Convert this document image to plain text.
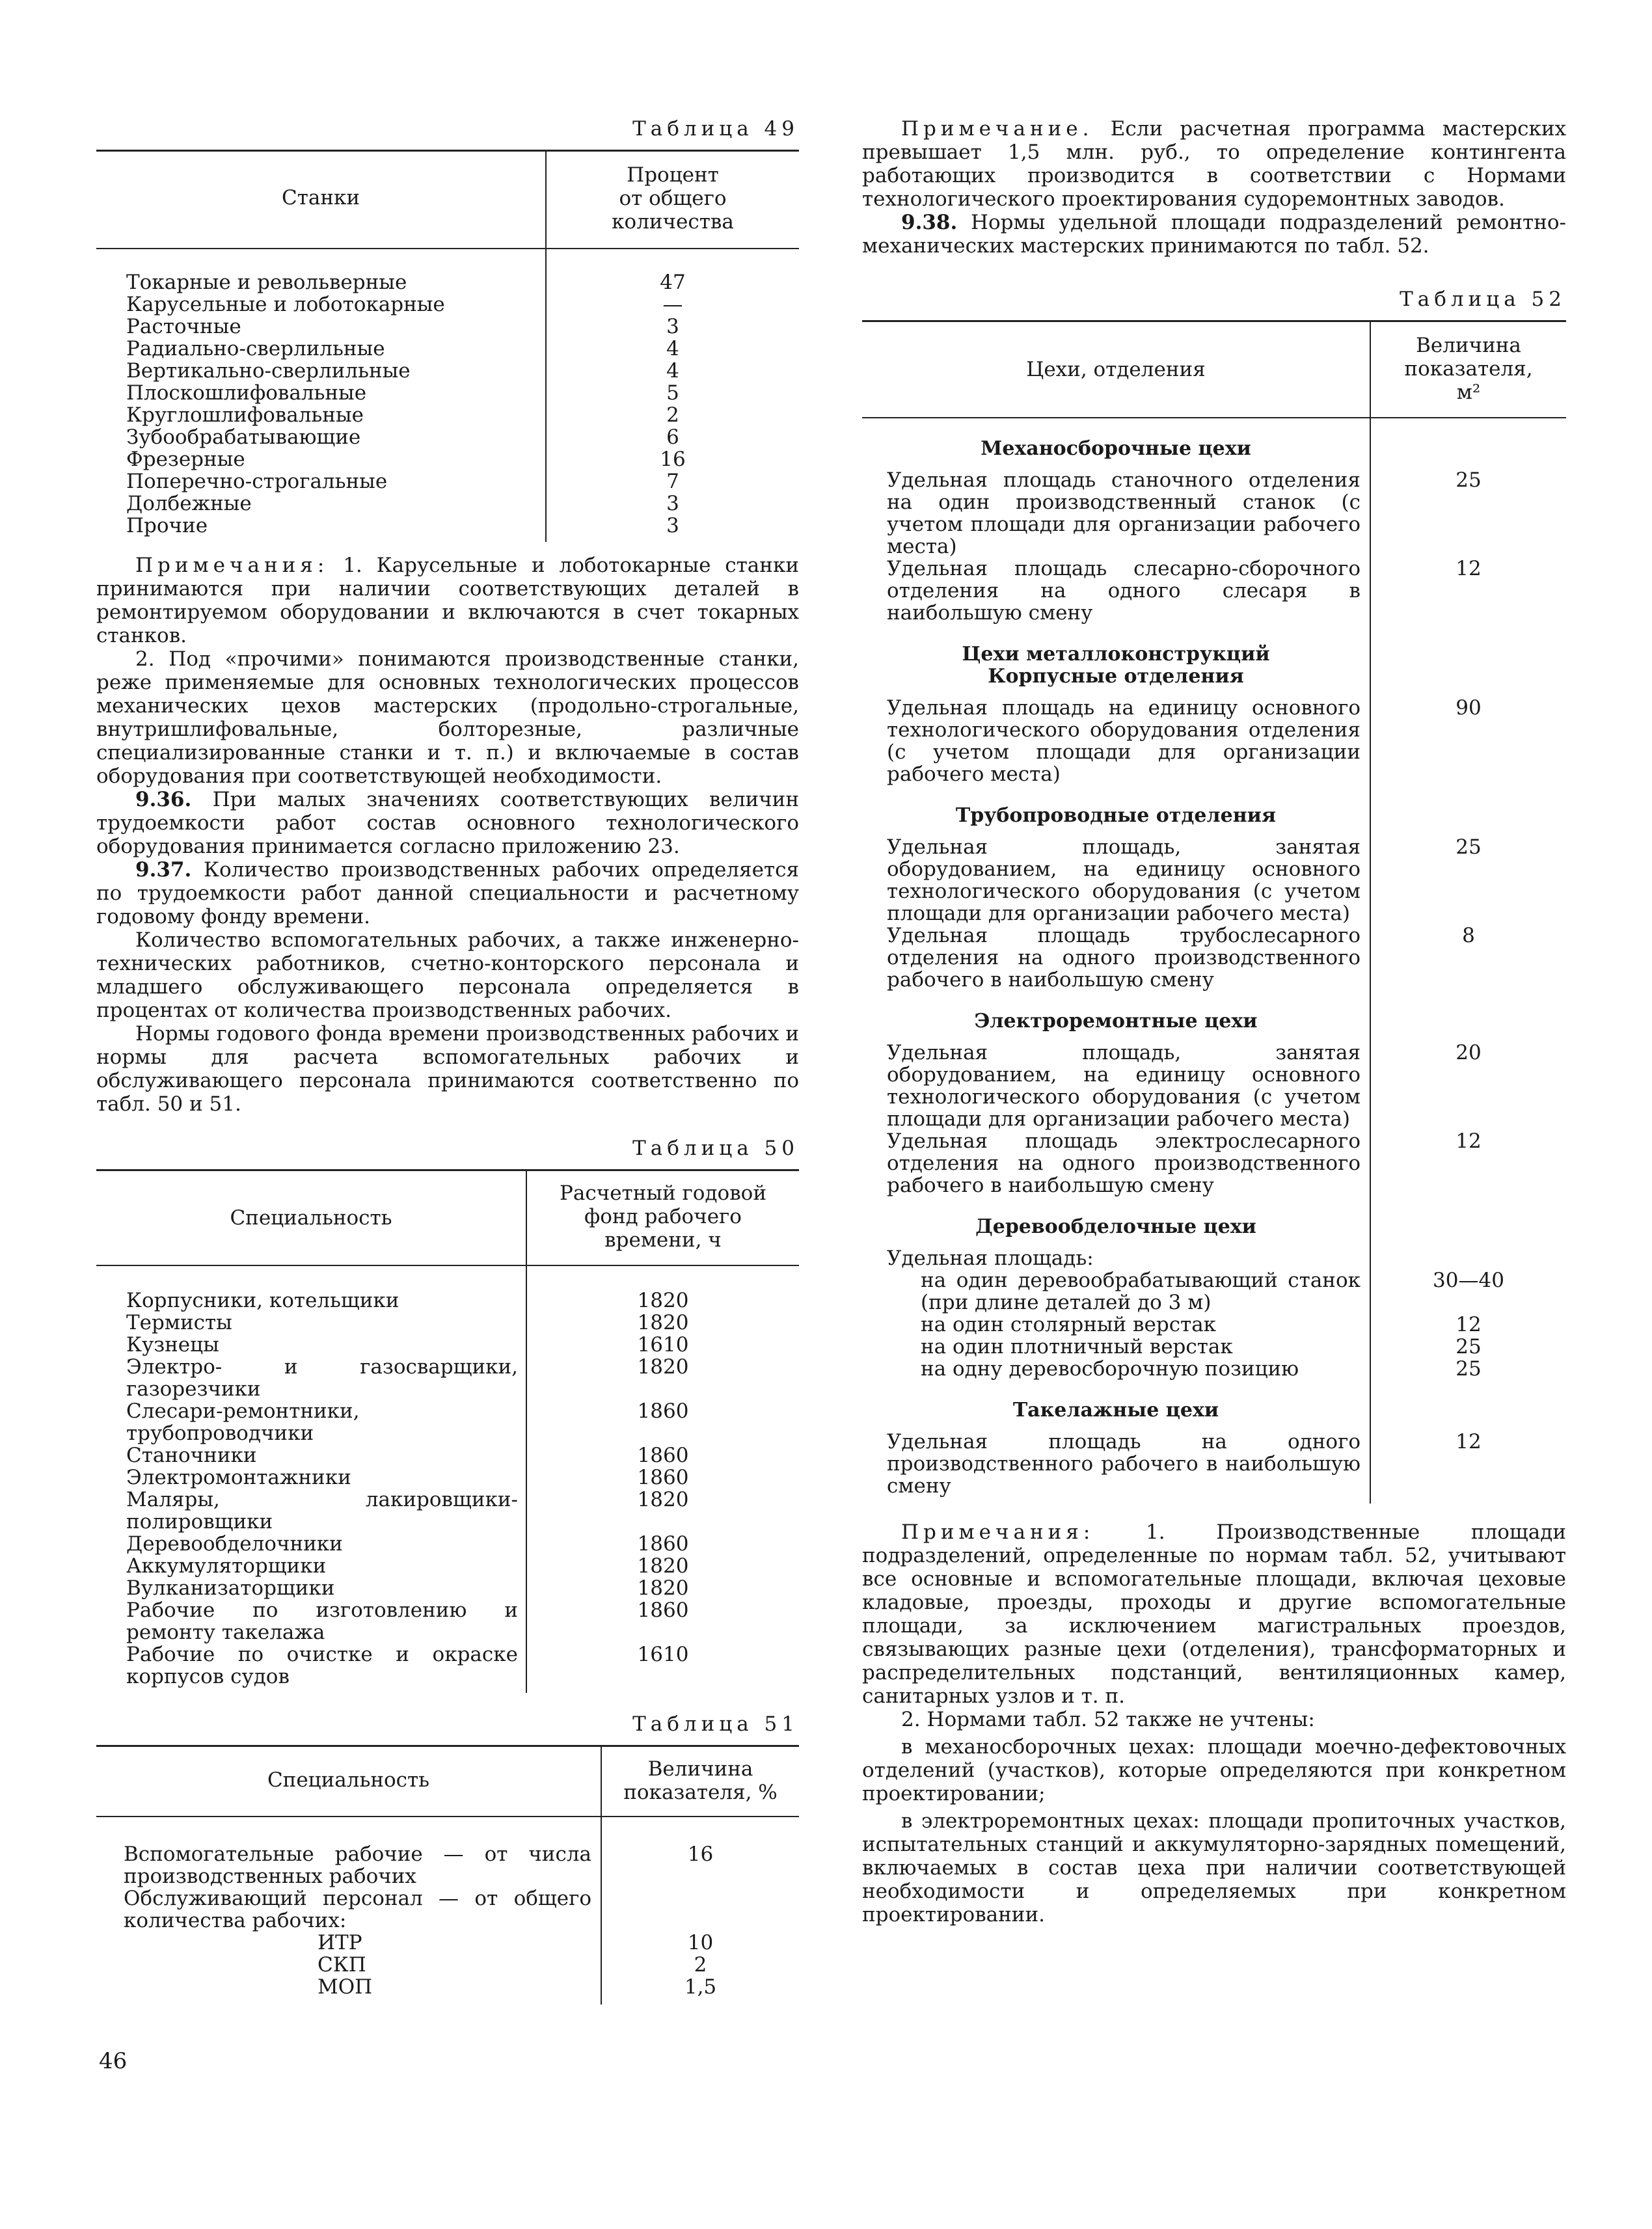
Таблица 49
Станки	Процент
от общего
количества

Токарные и револьверные	47
Карусельные и лоботокарные	—
Расточные	3
Радиально-сверлильные	4
Вертикально-сверлильные	4
Плоскошлифовальные	5
Круглошлифовальные	2
Зубообрабатывающие	6
Фрезерные	16
Поперечно-строгальные	7
Долбежные	3
Прочие	3

Примечания: 1. Карусельные и лоботокарные станки принимаются при наличии соответствующих деталей в ремонтируемом оборудовании и включаются в счет токарных станков.

2. Под «прочими» понимаются производственные станки, реже применяемые для основных технологических процессов механических цехов мастерских (продольно-строгальные, внутришлифовальные, болторезные, различные специализированные станки и т. п.) и включаемые в состав оборудования при соответствующей необходимости.

9.36. При малых значениях соответствующих величин трудоемкости работ состав основного технологического оборудования принимается согласно приложению 23.

9.37. Количество производственных рабочих определяется по трудоемкости работ данной специальности и расчетному годовому фонду времени.

Количество вспомогательных рабочих, а также инженерно-технических работников, счетно-конторского персонала и младшего обслуживающего персонала определяется в процентах от количества производственных рабочих.

Нормы годового фонда времени производственных рабочих и нормы для расчета вспомогательных рабочих и обслуживающего персонала принимаются соответственно по табл. 50 и 51.

Таблица 50
Специальность	Расчетный годовой
фонд рабочего
времени, ч

Корпусники, котельщики	1820
Термисты	1820
Кузнецы	1610
Электро- и газосварщики, газорезчики	1820
Слесари-ремонтники, трубопроводчики	1860
Станочники	1860
Электромонтажники	1860
Маляры, лакировщики-полировщики	1820
Деревообделочники	1860
Аккумуляторщики	1820
Вулканизаторщики	1820
Рабочие по изготовлению и ремонту такелажа	1860
Рабочие по очистке и окраске корпусов судов	1610
Таблица 51
Специальность	Величина
показателя, %

Вспомогательные рабочие — от числа производственных рабочих	16
Обслуживающий персонал — от общего количества рабочих:	
ИТР	10
СКП	2
МОП	1,5

Примечание. Если расчетная программа мастерских превышает 1,5 млн. руб., то определение контингента работающих производится в соответствии с Нормами технологического проектирования судоремонтных заводов.

9.38. Нормы удельной площади подразделений ремонтно-механических мастерских принимаются по табл. 52.

Таблица 52
Цехи, отделения	Величина
показателя,
м²

Механосборочные цехи	
Удельная площадь станочного отделения на один производственный станок (с учетом площади для организации рабочего места)	25
Удельная площадь слесарно-сборочного отделения на одного слесаря в наибольшую смену	12
Цехи металлоконструкций	
Корпусные отделения	
Удельная площадь на единицу основного технологического оборудования отделения (с учетом площади для организации рабочего места)	90
Трубопроводные отделения	
Удельная площадь, занятая оборудованием, на единицу основного технологического оборудования (с учетом площади для организации рабочего места)	25
Удельная площадь трубослесарного отделения на одного производственного рабочего в наибольшую смену	8
Электроремонтные цехи	
Удельная площадь, занятая оборудованием, на единицу основного технологического оборудования (с учетом площади для организации рабочего места)	20
Удельная площадь электрослесарного отделения на одного производственного рабочего в наибольшую смену	12
Деревообделочные цехи	
Удельная площадь:	
на один деревообрабатывающий станок (при длине деталей до 3 м)	30—40
на один столярный верстак	12
на один плотничный верстак	25
на одну деревосборочную позицию	25
Такелажные цехи	
Удельная площадь на одного производственного рабочего в наибольшую смену	12

Примечания:	1. Производственные площади подразделений, определенные по нормам табл. 52, учитывают все основные и вспомогательные площади, включая цеховые кладовые, проезды, проходы и другие вспомогательные площади, за исключением магистральных проездов, связывающих разные цехи (отделения), трансформаторных и распределительных подстанций, вентиляционных камер, санитарных узлов и т. п.

2. Нормами табл. 52 также не учтены:

в механосборочных цехах: площади моечно-дефектовочных отделений (участков), которые определяются при конкретном проектировании;

в электроремонтных цехах: площади пропиточных участков, испытательных станций и аккумуляторно-зарядных помещений, включаемых в состав цеха при наличии соответствующей необходимости и определяемых при конкретном проектировании.

46
